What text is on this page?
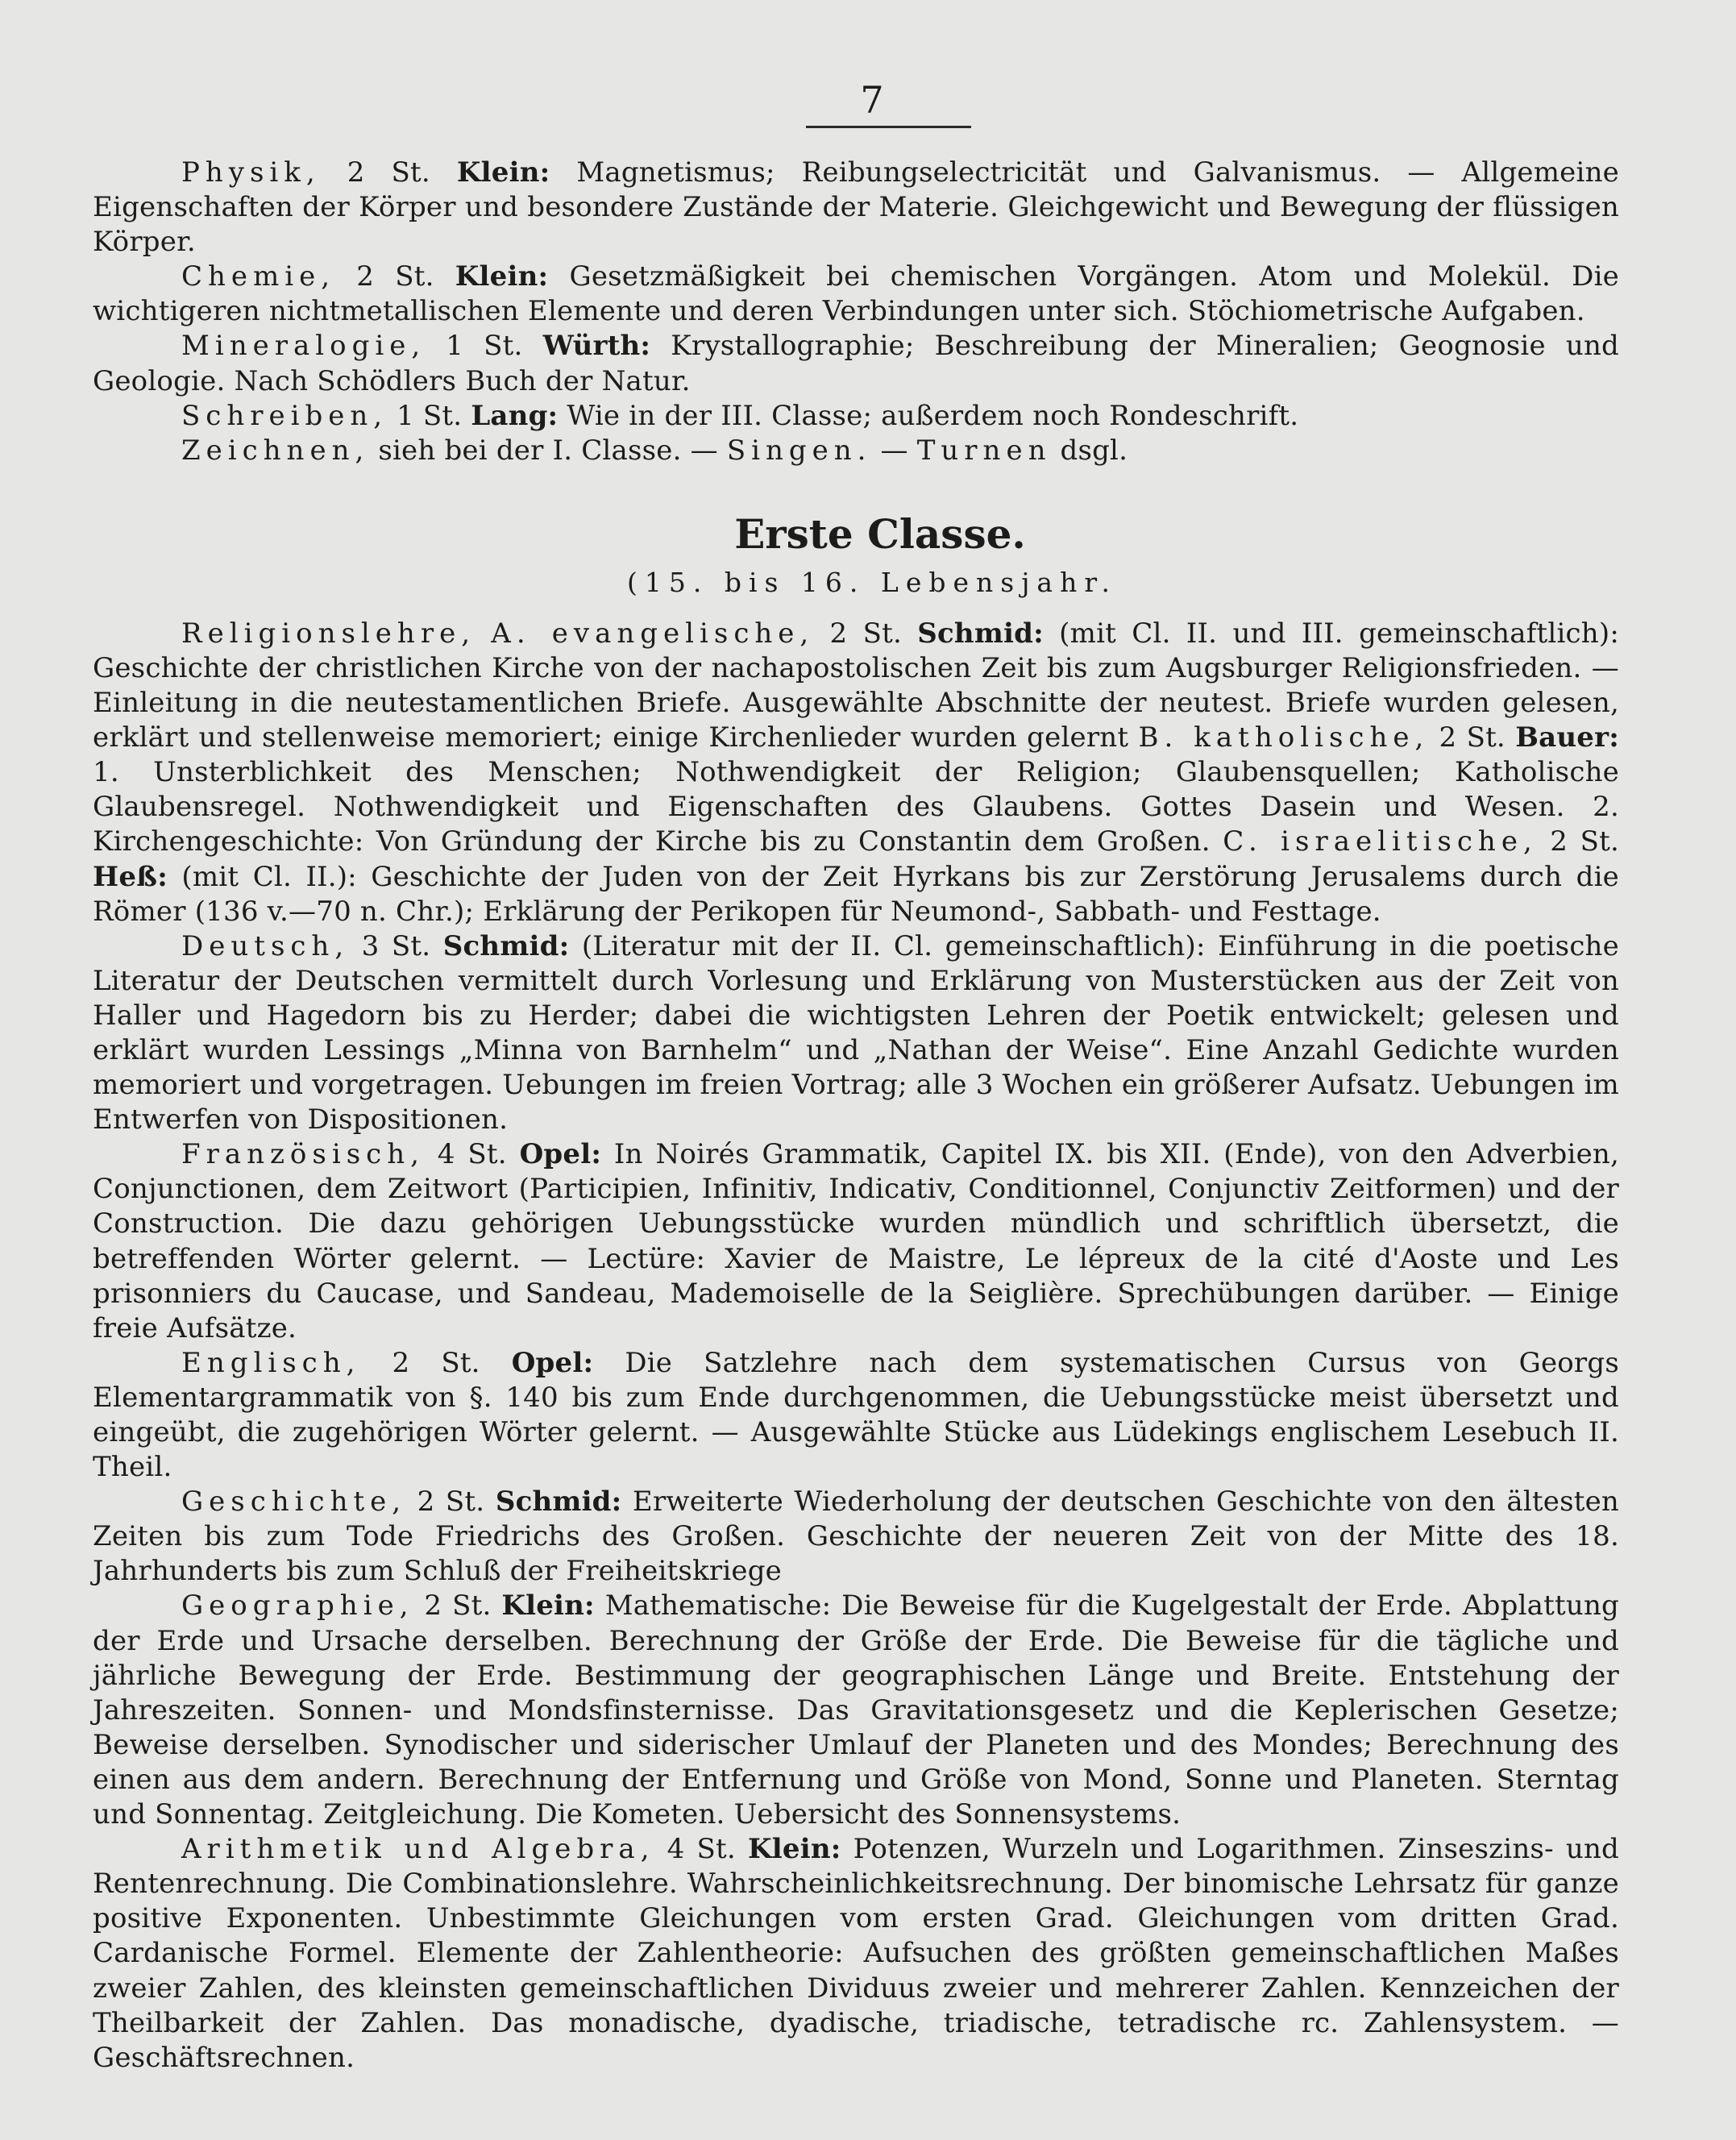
7

Physik, 2 St. Klein: Magnetismus; Reibungselectricität und Galvanismus. — Allgemeine Eigenschaften der Körper und besondere Zustände der Materie. Gleichgewicht und Bewegung der flüssigen Körper.

Chemie, 2 St. Klein: Gesetzmäßigkeit bei chemischen Vorgängen. Atom und Molekül. Die wichtigeren nichtmetallischen Elemente und deren Verbindungen unter sich. Stöchiometrische Aufgaben.

Mineralogie, 1 St. Würth: Krystallographie; Beschreibung der Mineralien; Geognosie und Geologie. Nach Schödlers Buch der Natur.

Schreiben, 1 St. Lang: Wie in der III. Classe; außerdem noch Rondeschrift.

Zeichnen, sieh bei der I. Classe. — Singen. — Turnen dsgl.

Erste Classe.
(15. bis 16. Lebensjahr.

Religionslehre, A. evangelische, 2 St. Schmid: (mit Cl. II. und III. gemeinschaftlich): Geschichte der christlichen Kirche von der nachapostolischen Zeit bis zum Augsburger Religionsfrieden. — Einleitung in die neutestamentlichen Briefe. Ausgewählte Abschnitte der neutest. Briefe wurden gelesen, erklärt und stellenweise memoriert; einige Kirchenlieder wurden gelernt B. katholische, 2 St. Bauer: 1. Unsterblichkeit des Menschen; Nothwendigkeit der Religion; Glaubensquellen; Katholische Glaubensregel. Nothwendigkeit und Eigenschaften des Glaubens. Gottes Dasein und Wesen. 2. Kirchengeschichte: Von Gründung der Kirche bis zu Constantin dem Großen. C. israelitische, 2 St. Heß: (mit Cl. II.): Geschichte der Juden von der Zeit Hyrkans bis zur Zerstörung Jerusalems durch die Römer (136 v.—70 n. Chr.); Erklärung der Perikopen für Neumond-, Sabbath- und Festtage.

Deutsch, 3 St. Schmid: (Literatur mit der II. Cl. gemeinschaftlich): Einführung in die poetische Literatur der Deutschen vermittelt durch Vorlesung und Erklärung von Musterstücken aus der Zeit von Haller und Hagedorn bis zu Herder; dabei die wichtigsten Lehren der Poetik entwickelt; gelesen und erklärt wurden Lessings „Minna von Barnhelm“ und „Nathan der Weise“. Eine Anzahl Gedichte wurden memoriert und vorgetragen. Uebungen im freien Vortrag; alle 3 Wochen ein größerer Aufsatz. Uebungen im Entwerfen von Dispositionen.

Französisch, 4 St. Opel: In Noirés Grammatik, Capitel IX. bis XII. (Ende), von den Adverbien, Conjunctionen, dem Zeitwort (Participien, Infinitiv, Indicativ, Conditionnel, Conjunctiv Zeitformen) und der Construction. Die dazu gehörigen Uebungsstücke wurden mündlich und schriftlich übersetzt, die betreffenden Wörter gelernt. — Lectüre: Xavier de Maistre, Le lépreux de la cité d'Aoste und Les prisonniers du Caucase, und Sandeau, Mademoiselle de la Seiglière. Sprechübungen darüber. — Einige freie Aufsätze.

Englisch, 2 St. Opel: Die Satzlehre nach dem systematischen Cursus von Georgs Elementargrammatik von §. 140 bis zum Ende durchgenommen, die Uebungsstücke meist übersetzt und eingeübt, die zugehörigen Wörter gelernt. — Ausgewählte Stücke aus Lüdekings englischem Lesebuch II. Theil.

Geschichte, 2 St. Schmid: Erweiterte Wiederholung der deutschen Geschichte von den ältesten Zeiten bis zum Tode Friedrichs des Großen. Geschichte der neueren Zeit von der Mitte des 18. Jahrhunderts bis zum Schluß der Freiheitskriege

Geographie, 2 St. Klein: Mathematische: Die Beweise für die Kugelgestalt der Erde. Abplattung der Erde und Ursache derselben. Berechnung der Größe der Erde. Die Beweise für die tägliche und jährliche Bewegung der Erde. Bestimmung der geographischen Länge und Breite. Entstehung der Jahreszeiten. Sonnen- und Mondsfinsternisse. Das Gravitationsgesetz und die Keplerischen Gesetze; Beweise derselben. Synodischer und siderischer Umlauf der Planeten und des Mondes; Berechnung des einen aus dem andern. Berechnung der Entfernung und Größe von Mond, Sonne und Planeten. Sterntag und Sonnentag. Zeitgleichung. Die Kometen. Uebersicht des Sonnensystems.

Arithmetik und Algebra, 4 St. Klein: Potenzen, Wurzeln und Logarithmen. Zinseszins- und Rentenrechnung. Die Combinationslehre. Wahrscheinlichkeitsrechnung. Der binomische Lehrsatz für ganze positive Exponenten. Unbestimmte Gleichungen vom ersten Grad. Gleichungen vom dritten Grad. Cardanische Formel. Elemente der Zahlentheorie: Aufsuchen des größten gemeinschaftlichen Maßes zweier Zahlen, des kleinsten gemeinschaftlichen Dividuus zweier und mehrerer Zahlen. Kennzeichen der Theilbarkeit der Zahlen. Das monadische, dyadische, triadische, tetradische rc. Zahlensystem. — Geschäftsrechnen.
